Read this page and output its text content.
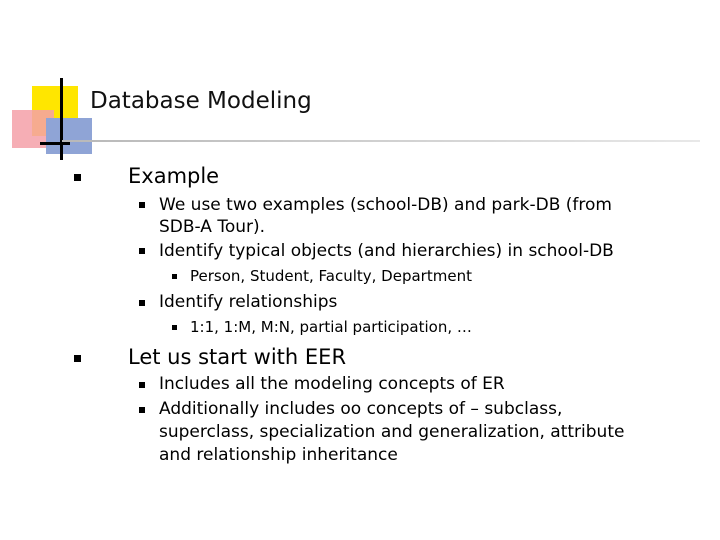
Database Modeling
Example
We use two examples (school-DB) and park-DB (from
SDB-A Tour).
Identify typical objects (and hierarchies) in school-DB
Person, Student, Faculty, Department
Identify relationships
1:1, 1:M, M:N, partial participation, …
Let us start with EER
Includes all the modeling concepts of ER
Additionally includes oo concepts of – subclass,
superclass, specialization and generalization, attribute
and relationship inheritance
